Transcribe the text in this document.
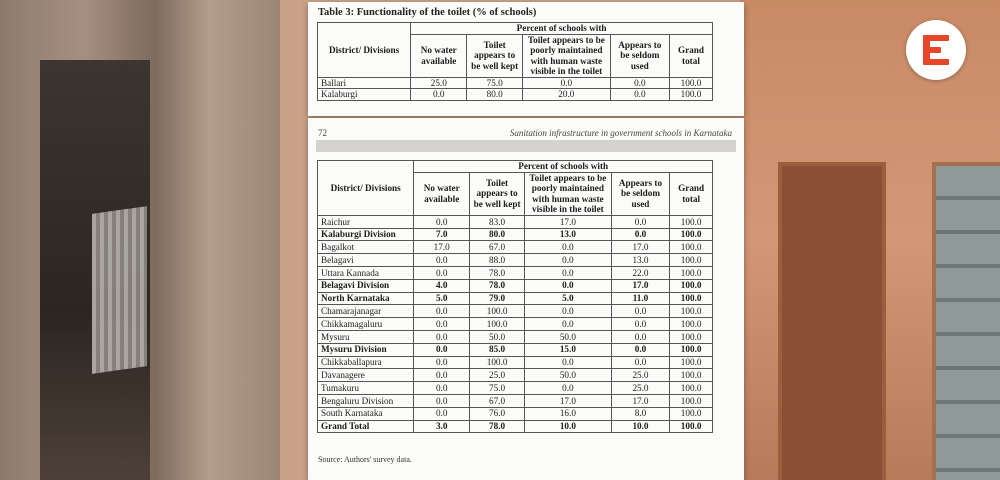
Table 3: Functionality of the toilet (% of schools)
District/ Divisions	Percent of schools with				
	No water available	Toilet appears to be well kept	Toilet appears to be poorly maintained with human waste visible in the toilet	Appears to be seldom used	Grand total
Ballari	25.0	75.0	0.0	0.0	100.0
Kalaburgi	0.0	80.0	20.0	0.0	100.0
72	Sanitation infrastructure in government schools in Karnataka
District/ Divisions	Percent of schools with				
	No water available	Toilet appears to be well kept	Toilet appears to be poorly maintained with human waste visible in the toilet	Appears to be seldom used	Grand total
Raichur	0.0	83.0	17.0	0.0	100.0
Kalaburgi Division	7.0	80.0	13.0	0.0	100.0
Bagalkot	17.0	67.0	0.0	17.0	100.0
Belagavi	0.0	88.0	0.0	13.0	100.0
Uttara Kannada	0.0	78.0	0.0	22.0	100.0
Belagavi Division	4.0	78.0	0.0	17.0	100.0
North Karnataka	5.0	79.0	5.0	11.0	100.0
Chamarajanagar	0.0	100.0	0.0	0.0	100.0
Chikkamagaluru	0.0	100.0	0.0	0.0	100.0
Mysuru	0.0	50.0	50.0	0.0	100.0
Mysuru Division	0.0	85.0	15.0	0.0	100.0
Chikkaballapura	0.0	100.0	0.0	0.0	100.0
Davanagere	0.0	25.0	50.0	25.0	100.0
Tumakuru	0.0	75.0	0.0	25.0	100.0
Bengaluru Division	0.0	67.0	17.0	17.0	100.0
South Karnataka	0.0	76.0	16.0	8.0	100.0
Grand Total	3.0	78.0	10.0	10.0	100.0
Source: Authors' survey data.
